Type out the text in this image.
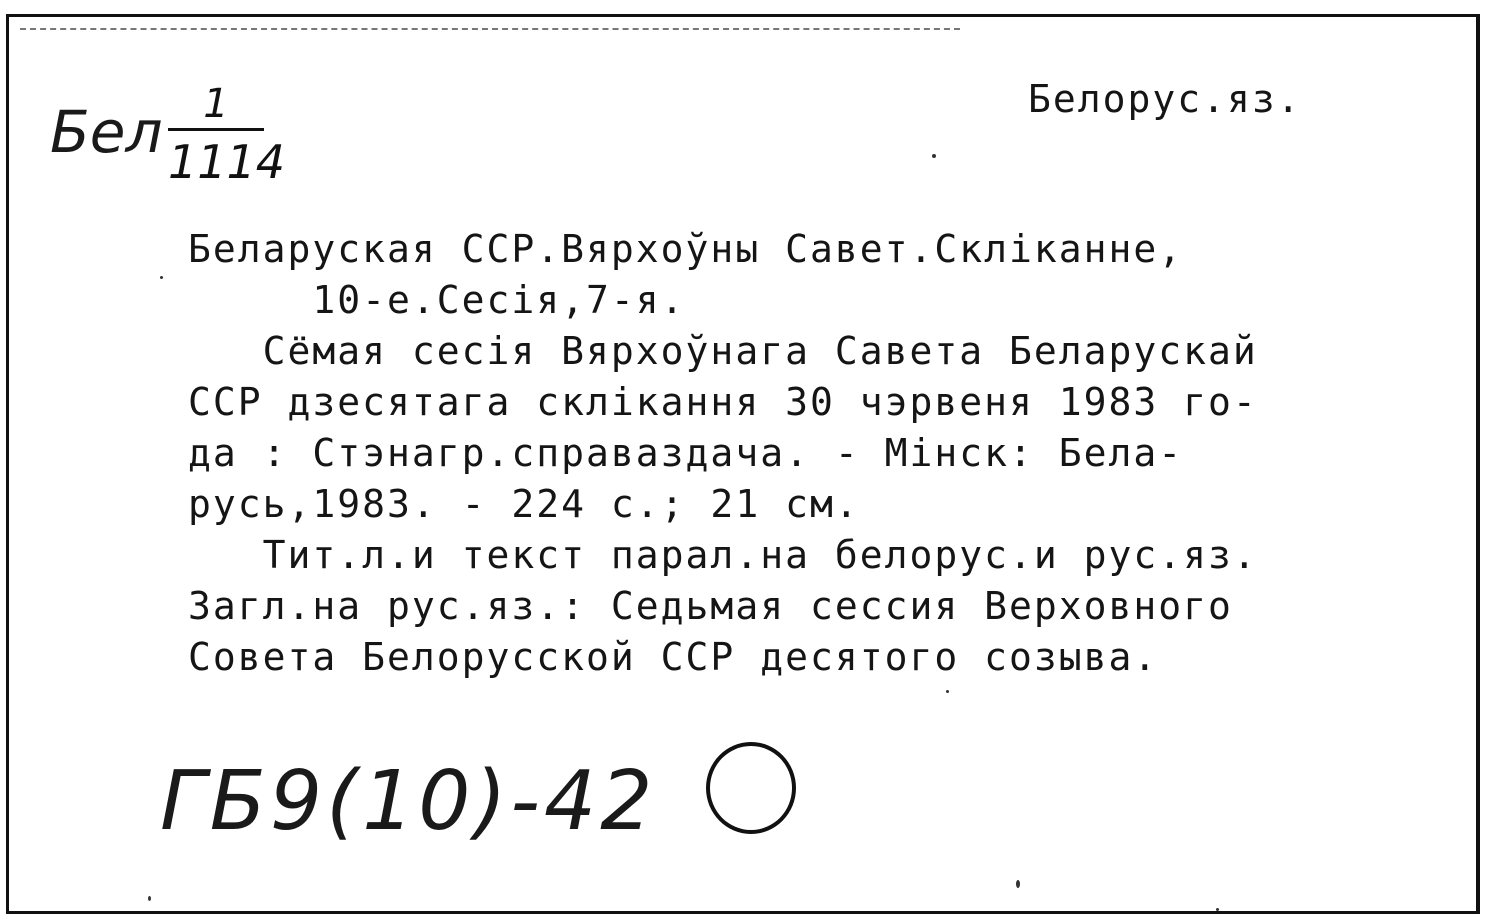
Белорус.яз.
Бел	1
1114
Беларуская ССР.Вярхоўны Савет.Скліканне,
10-е.Сесія,7-я.
Сёмая сесія Вярхоўнага Савета Беларускай
ССР дзесятага склікання 30 чэрвеня 1983 го-
да : Стэнагр.справаздача. - Мінск: Бела-
русь,1983. - 224 с.; 21 см.
Тит.л.и текст парал.на белорус.и рус.яз.
Загл.на рус.яз.: Седьмая сессия Верховного
Совета Белорусской ССР десятого созыва.
ГБ9(10)-42
